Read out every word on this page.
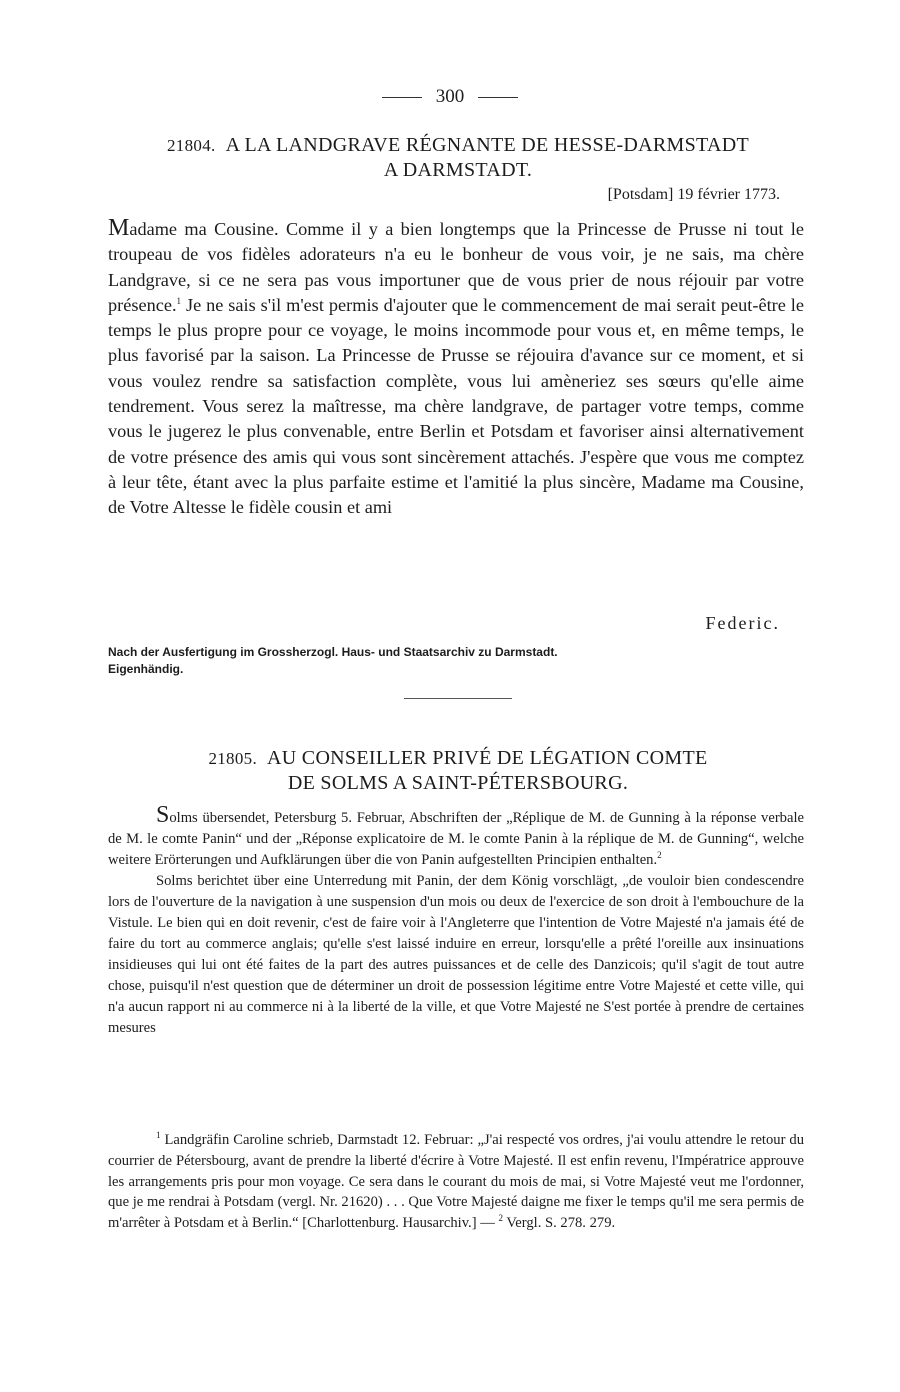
300
21804. A LA LANDGRAVE RÉGNANTE DE HESSE-DARMSTADT
A DARMSTADT.

[Potsdam] 19 février 1773.

Madame ma Cousine. Comme il y a bien longtemps que la Princesse de Prusse ni tout le troupeau de vos fidèles adorateurs n'a eu le bonheur de vous voir, je ne sais, ma chère Landgrave, si ce ne sera pas vous importuner que de vous prier de nous réjouir par votre présence.$^1$ Je ne sais s'il m'est permis d'ajouter que le commencement de mai serait peut-être le temps le plus propre pour ce voyage, le moins incommode pour vous et, en même temps, le plus favorisé par la saison. La Princesse de Prusse se réjouira d'avance sur ce moment, et si vous voulez rendre sa satisfaction complète, vous lui amèneriez ses sœurs qu'elle aime tendrement. Vous serez la maîtresse, ma chère landgrave, de partager votre temps, comme vous le jugerez le plus convenable, entre Berlin et Potsdam et favoriser ainsi alternativement de votre présence des amis qui vous sont sincèrement attachés. J'espère que vous me comptez à leur tête, étant avec la plus parfaite estime et l'amitié la plus sincère, Madame ma Cousine, de Votre Altesse le fidèle cousin et ami

Federic.

Nach der Ausfertigung im Grossherzogl. Haus- und Staatsarchiv zu Darmstadt.
Eigenhändig.
21805. AU CONSEILLER PRIVÉ DE LÉGATION COMTE
DE SOLMS A SAINT-PÉTERSBOURG.

Solms übersendet, Petersburg 5. Februar, Abschriften der „Réplique de M. de Gunning à la réponse verbale de M. le comte Panin“ und der „Réponse explicatoire de M. le comte Panin à la réplique de M. de Gunning“, welche weitere Erörterungen und Aufklärungen über die von Panin aufgestellten Principien enthalten.$^2$

Solms berichtet über eine Unterredung mit Panin, der dem König vorschlägt, „de vouloir bien condescendre lors de l'ouverture de la navigation à une suspension d'un mois ou deux de l'exercice de son droit à l'embouchure de la Vistule. Le bien qui en doit revenir, c'est de faire voir à l'Angleterre que l'intention de Votre Majesté n'a jamais été de faire du tort au commerce anglais; qu'elle s'est laissé induire en erreur, lorsqu'elle a prêté l'oreille aux insinuations insidieuses qui lui ont été faites de la part des autres puissances et de celle des Danzicois; qu'il s'agit de tout autre chose, puisqu'il n'est question que de déterminer un droit de possession légitime entre Votre Majesté et cette ville, qui n'a aucun rapport ni au commerce ni à la liberté de la ville, et que Votre Majesté ne S'est portée à prendre de certaines mesures

$^1$ Landgräfin Caroline schrieb, Darmstadt 12. Februar: „J'ai respecté vos ordres, j'ai voulu attendre le retour du courrier de Pétersbourg, avant de prendre la liberté d'écrire à Votre Majesté. Il est enfin revenu, l'Impératrice approuve les arrangements pris pour mon voyage. Ce sera dans le courant du mois de mai, si Votre Majesté veut me l'ordonner, que je me rendrai à Potsdam (vergl. Nr. 21620) . . . Que Votre Majesté daigne me fixer le temps qu'il me sera permis de m'arrêter à Potsdam et à Berlin.“ [Charlottenburg. Hausarchiv.] — $^2$ Vergl. S. 278. 279.
